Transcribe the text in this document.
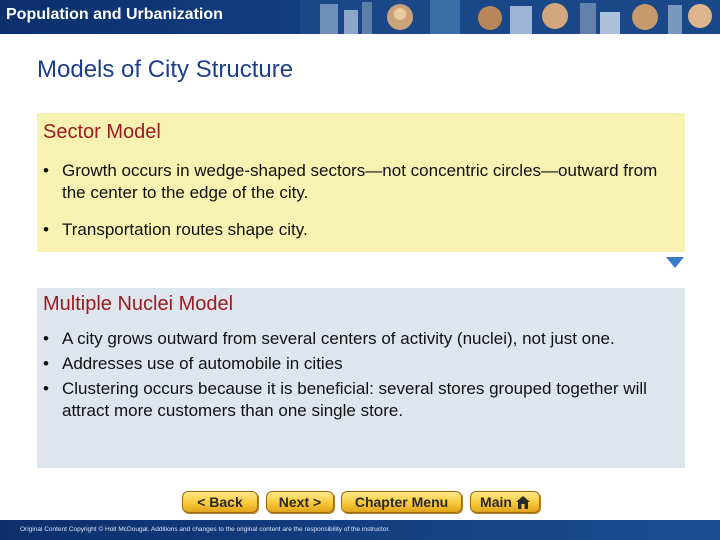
Population and Urbanization
Models of City Structure
Sector Model
• Growth occurs in wedge-shaped sectors—not concentric circles—outward from the center to the edge of the city.
• Transportation routes shape city.
Multiple Nuclei Model
• A city grows outward from several centers of activity (nuclei), not just one.
• Addresses use of automobile in cities
• Clustering occurs because it is beneficial: several stores grouped together will attract more customers than one single store.
< Back	Next > Chapter Menu Main
Original Content Copyright © Holt McDougal. Additions and changes to the original content are the responsibility of the instructor.
